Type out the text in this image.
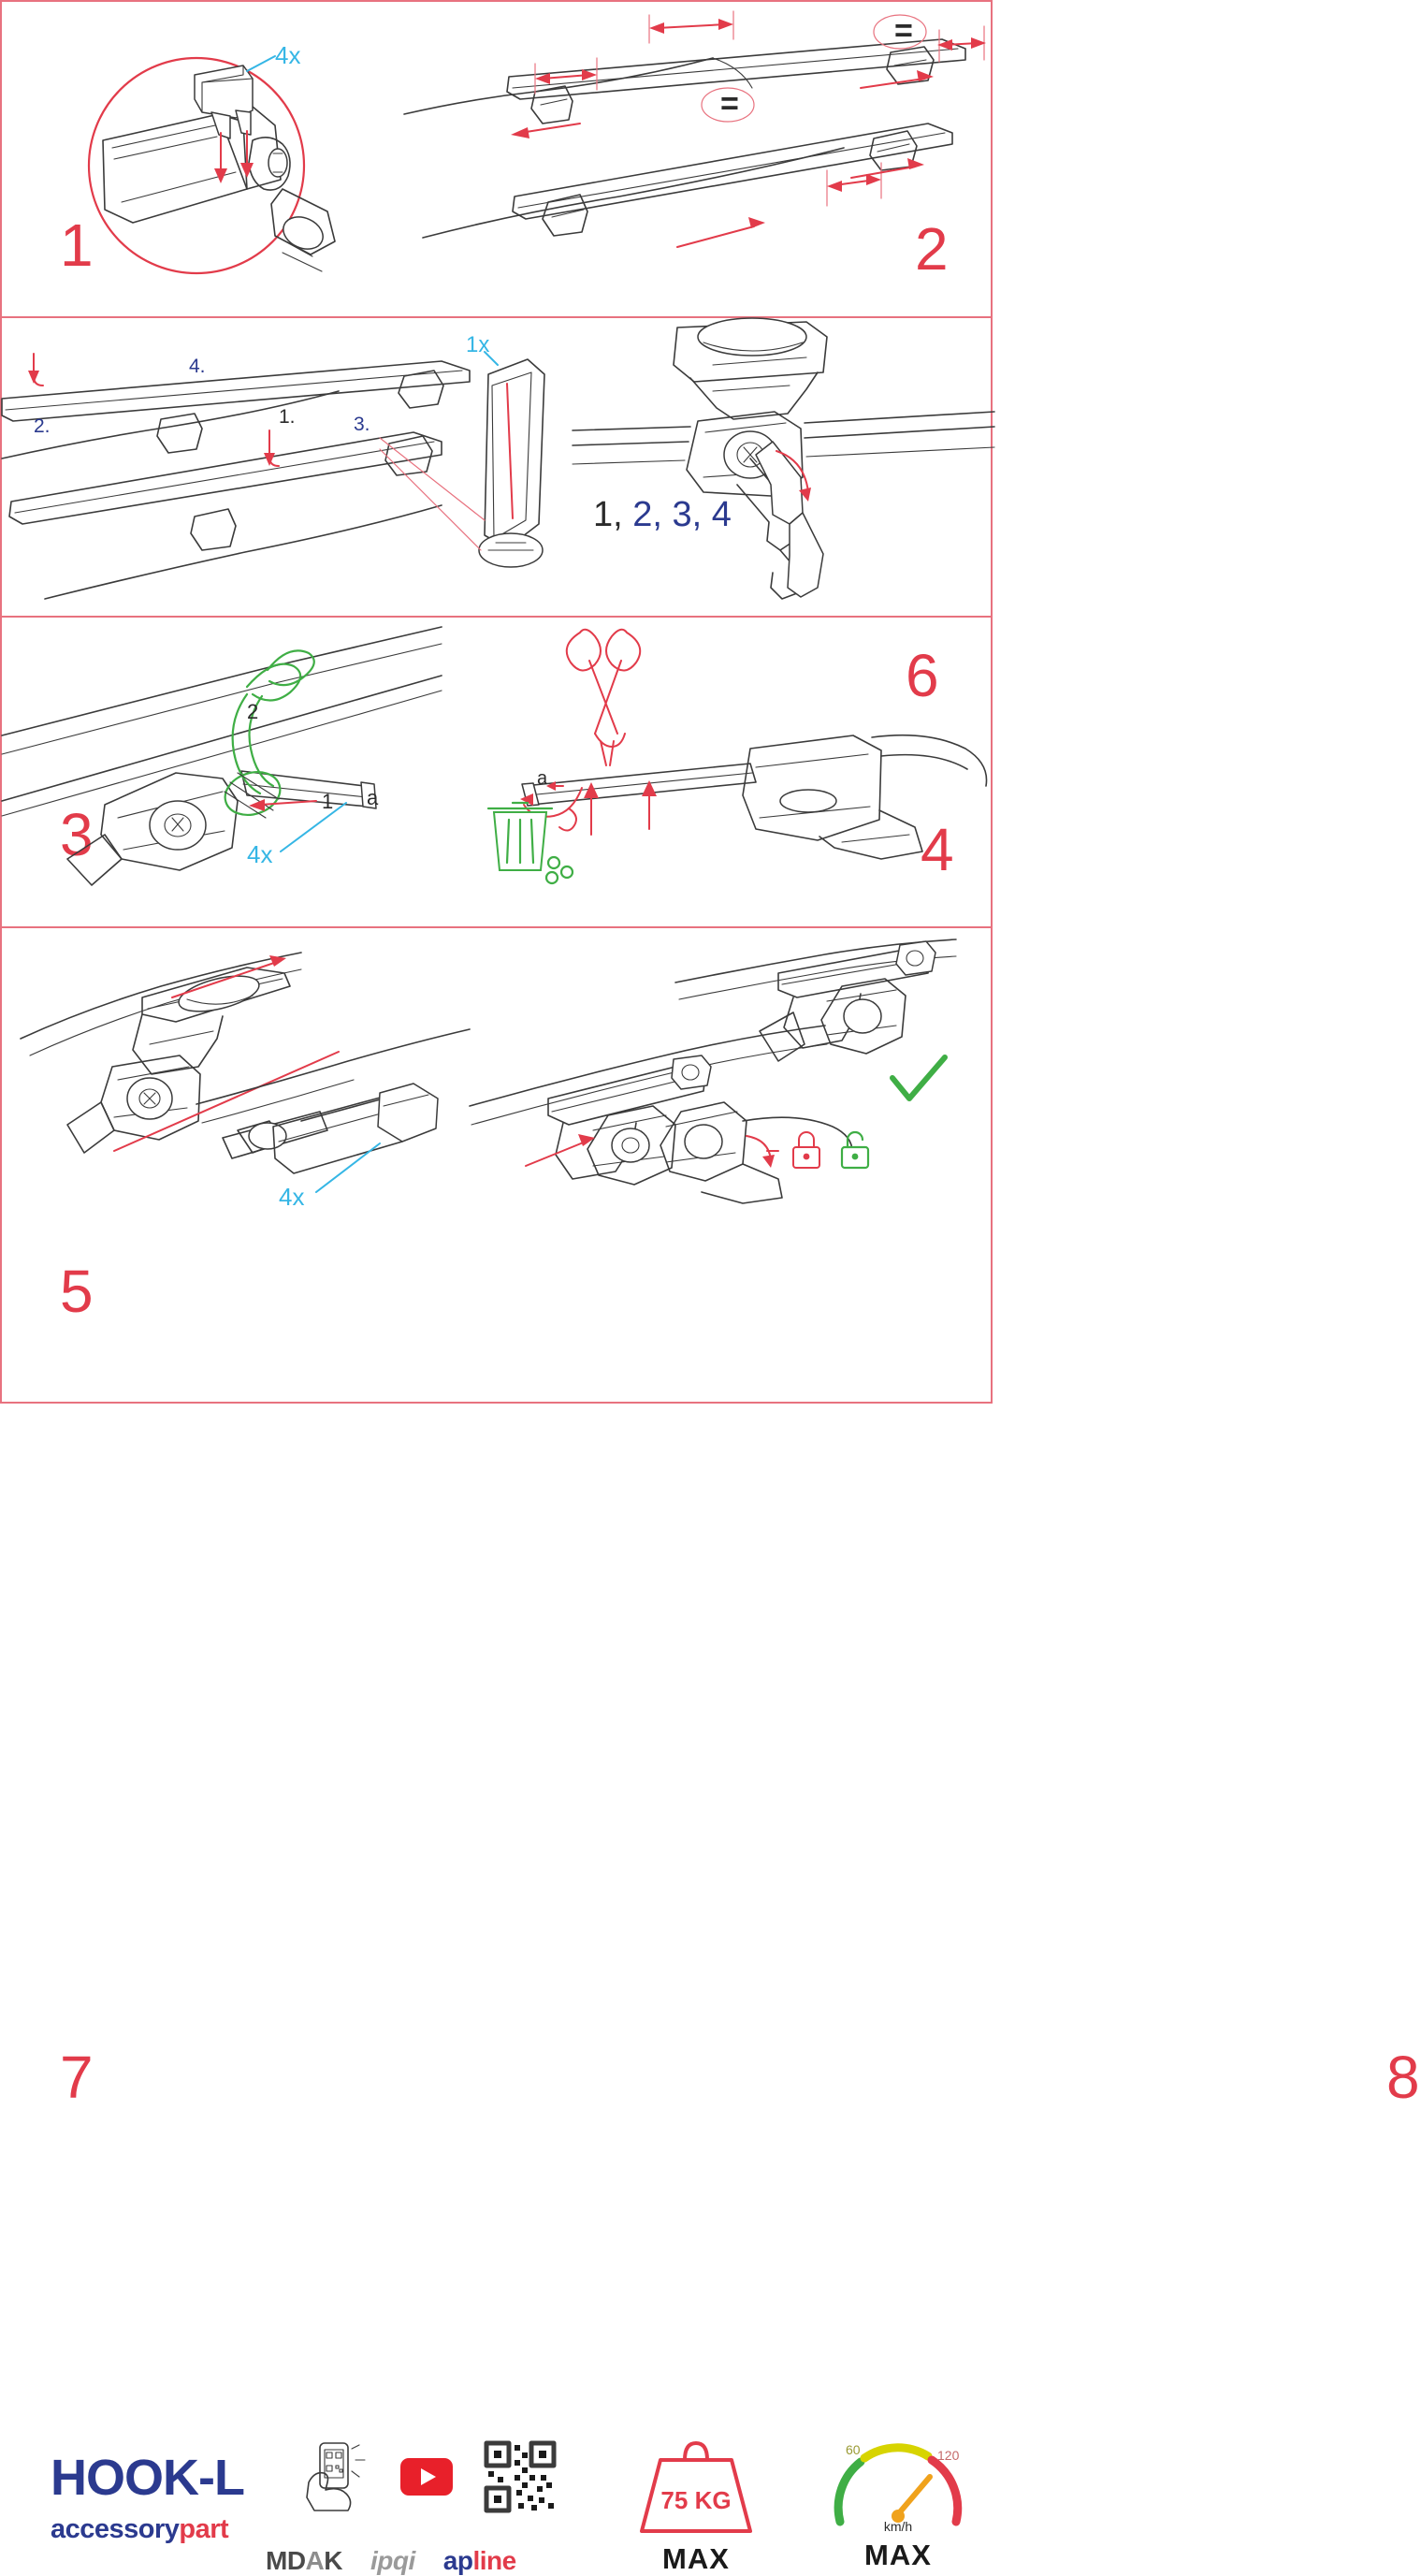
4x
1
=
=
2
1x
1.
2.	3.
4.
3
1, 2, 3, 4
4
2
1 a
4x
5
a
6
4x
7	8
HOOK-L
accessorypart
MDAK ipqi apline
75 KG
MAX
60	120
km/h
MAX
